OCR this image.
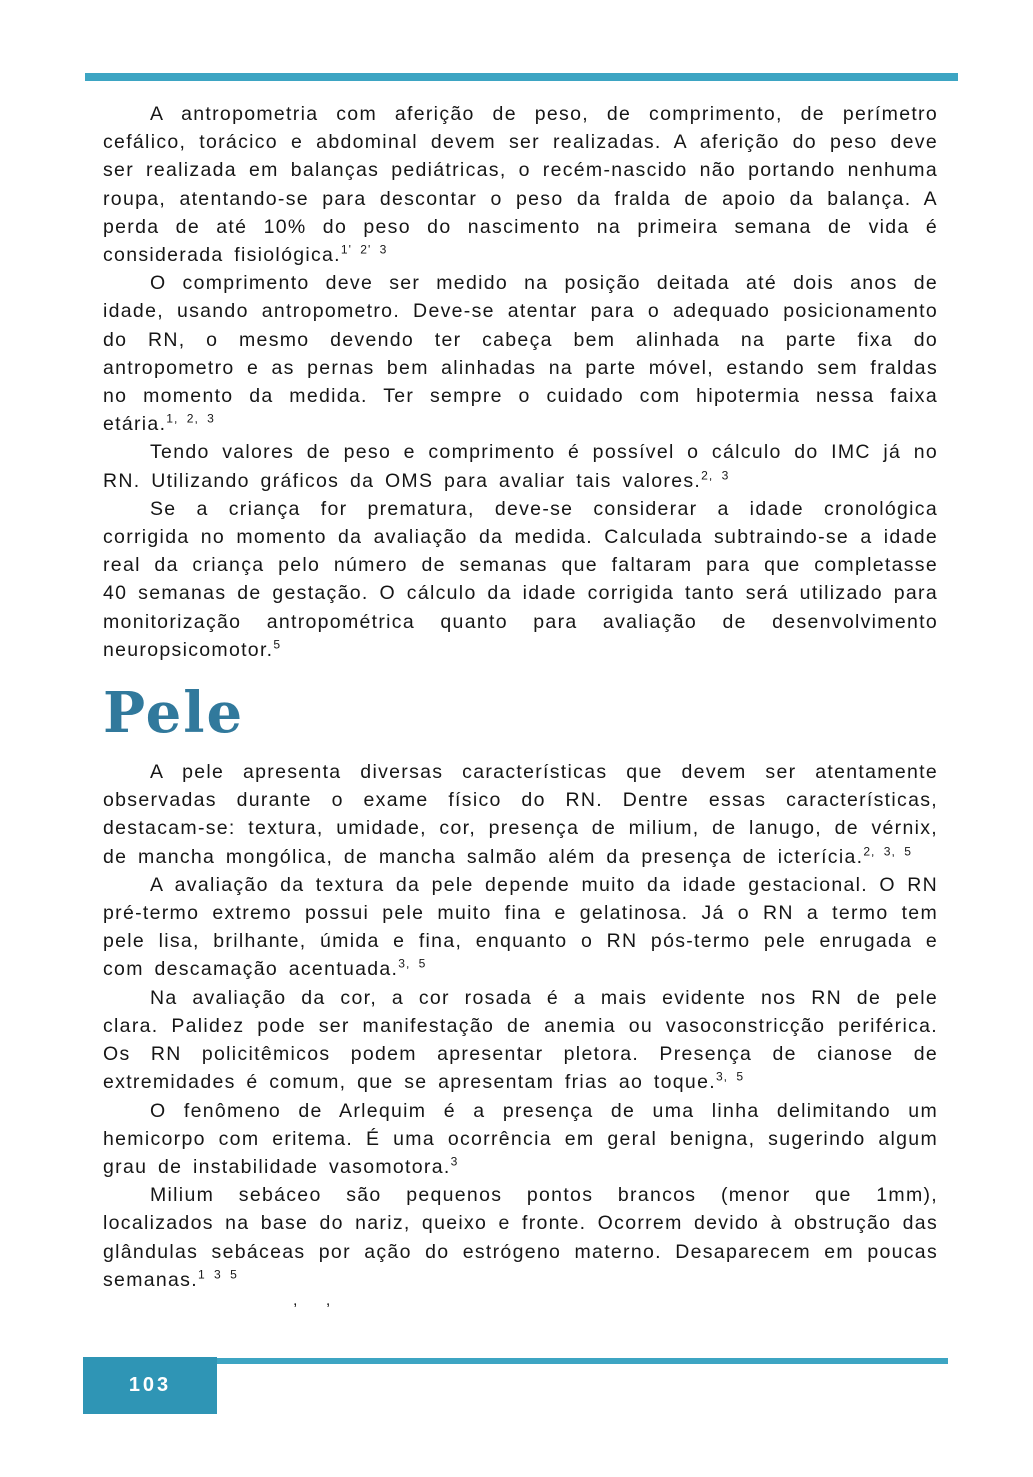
A antropometria com aferição de peso, de comprimento, de perímetro cefálico, torácico e abdominal devem ser realizadas. A aferição do peso deve ser realizada em balanças pediátricas, o recém-nascido não portando nenhuma roupa, atentando-se para descontar o peso da fralda de apoio da balança. A perda de até 10% do peso do nascimento na primeira semana de vida é considerada fisiológica.$^{1' 2' 3}$

O comprimento deve ser medido na posição deitada até dois anos de idade, usando antropometro. Deve-se atentar para o adequado posicionamento do RN, o mesmo devendo ter cabeça bem alinhada na parte fixa do antropometro e as pernas bem alinhadas na parte móvel, estando sem fraldas no momento da medida. Ter sempre o cuidado com hipotermia nessa faixa etária.$^{1, 2, 3}$

Tendo valores de peso e comprimento é possível o cálculo do IMC já no RN. Utilizando gráficos da OMS para avaliar tais valores.$^{2, 3}$

Se a criança for prematura, deve-se considerar a idade cronológica corrigida no momento da avaliação da medida. Calculada subtraindo-se a idade real da criança pelo número de semanas que faltaram para que completasse 40 semanas de gestação. O cálculo da idade corrigida tanto será utilizado para monitorização antropométrica quanto para avaliação de desenvolvimento neuropsicomotor.$^5$

Pele

A pele apresenta diversas características que devem ser atentamente observadas durante o exame físico do RN. Dentre essas características, destacam-se: textura, umidade, cor, presença de milium, de lanugo, de vérnix, de mancha mongólica, de mancha salmão além da presença de icterícia.$^{2, 3, 5}$

A avaliação da textura da pele depende muito da idade gestacional. O RN pré-termo extremo possui pele muito fina e gelatinosa. Já o RN a termo tem pele lisa, brilhante, úmida e fina, enquanto o RN pós-termo pele enrugada e com descamação acentuada.$^{3, 5}$

Na avaliação da cor, a cor rosada é a mais evidente nos RN de pele clara. Palidez pode ser manifestação de anemia ou vasoconstricção periférica. Os RN policitêmicos podem apresentar pletora. Presença de cianose de extremidades é comum, que se apresentam frias ao toque.$^{3, 5}$

O fenômeno de Arlequim é a presença de uma linha delimitando um hemicorpo com eritema. É uma ocorrência em geral benigna, sugerindo algum grau de instabilidade vasomotora.$^3$

Milium sebáceo são pequenos pontos brancos (menor que 1mm), localizados na base do nariz, queixo e fronte. Ocorrem devido à obstrução das glândulas sebáceas por ação do estrógeno materno. Desaparecem em poucas semanas.$^{1 3 5}$

, ,
103
